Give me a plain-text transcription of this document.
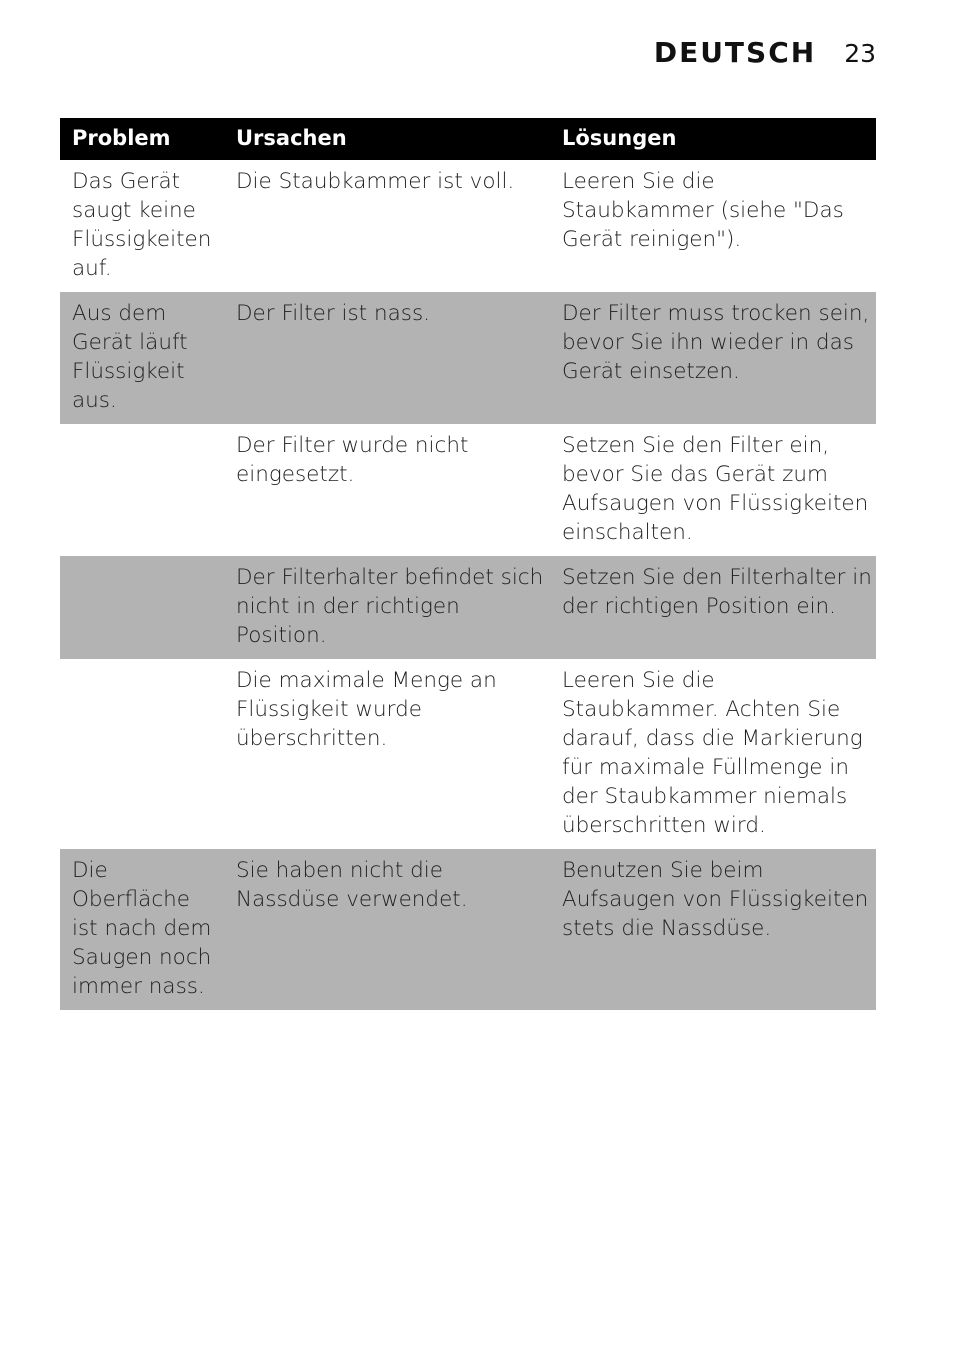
DEUTSCH 23
Problem	Ursachen	Lösungen
Das Gerät saugt keine Flüssigkeiten auf.	Die Staubkammer ist voll.	Leeren Sie die Staubkammer (siehe "Das Gerät reinigen").
Aus dem Gerät läuft Flüssigkeit aus.	Der Filter ist nass.	Der Filter muss trocken sein, bevor Sie ihn wieder in das Gerät einsetzen.
	Der Filter wurde nicht eingesetzt.	Setzen Sie den Filter ein, bevor Sie das Gerät zum Aufsaugen von Flüssigkeiten einschalten.
	Der Filterhalter befindet sich nicht in der richtigen Position.	Setzen Sie den Filterhalter in der richtigen Position ein.
	Die maximale Menge an Flüssigkeit wurde überschritten.	Leeren Sie die Staubkammer. Achten Sie darauf, dass die Markierung für maximale Füllmenge in der Staubkammer niemals überschritten wird.
Die Oberfläche ist nach dem Saugen noch immer nass.	Sie haben nicht die Nassdüse verwendet.	Benutzen Sie beim Aufsaugen von Flüssigkeiten stets die Nassdüse.
